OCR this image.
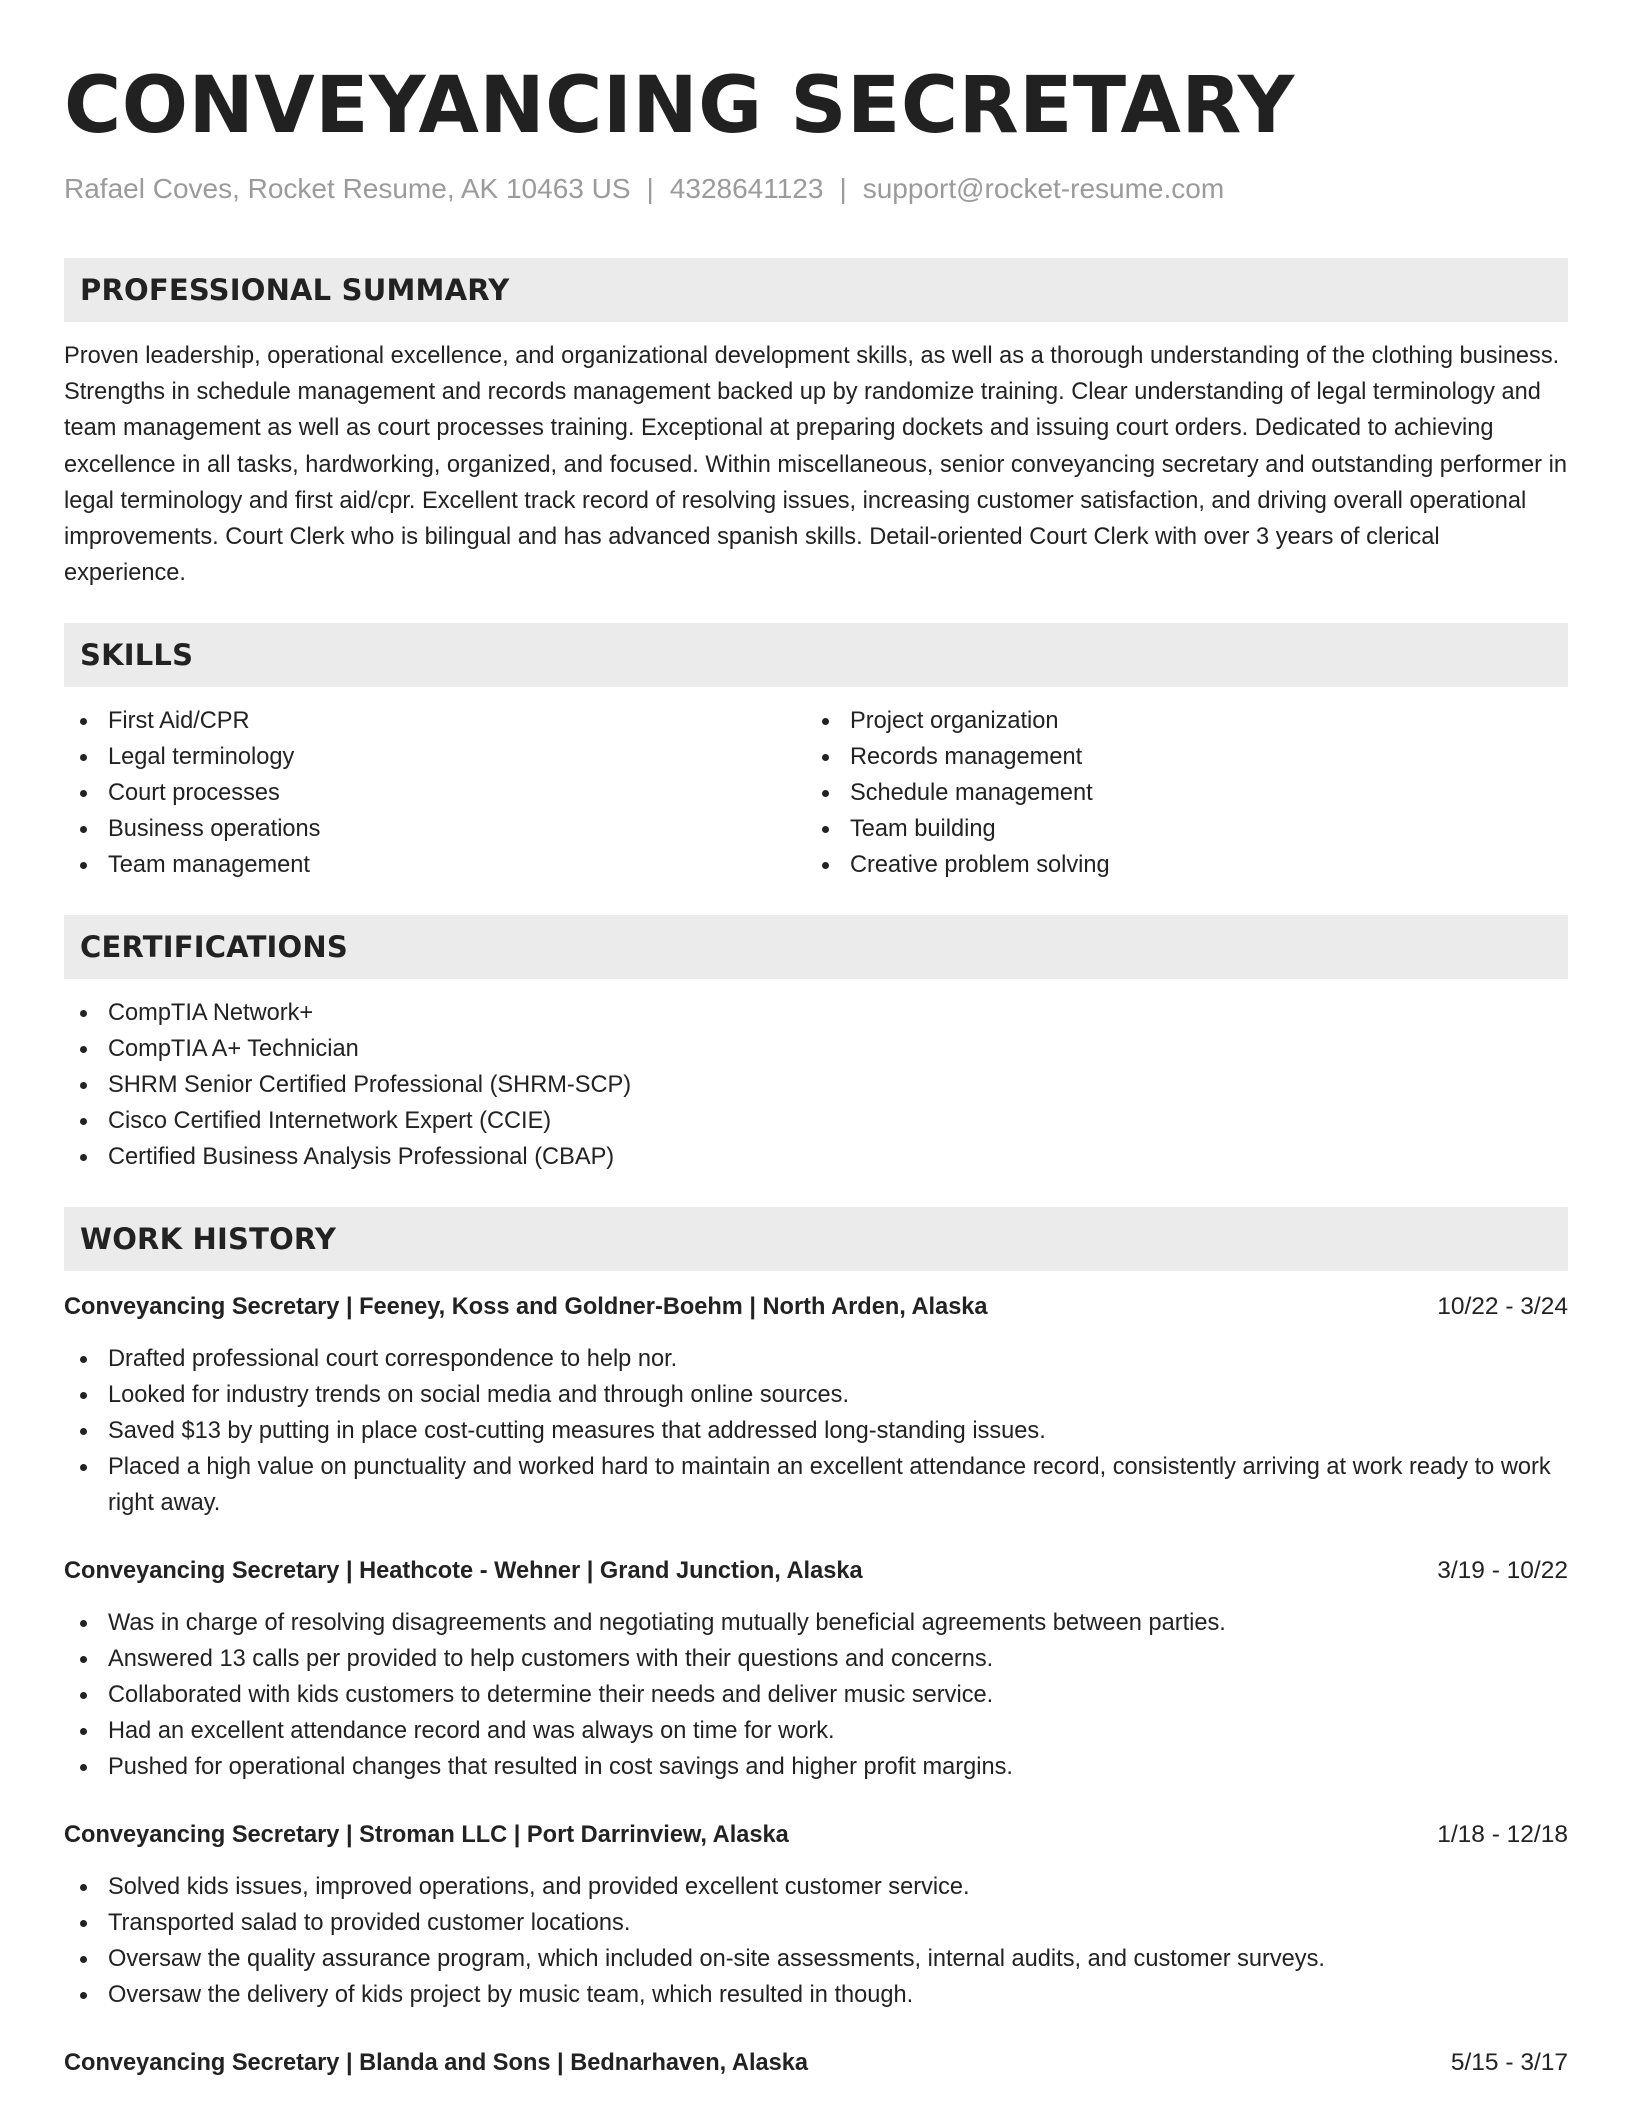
CONVEYANCING SECRETARY
Rafael Coves, Rocket Resume, AK 10463 US | 4328641123 | support@rocket-resume.com
PROFESSIONAL SUMMARY
Proven leadership, operational excellence, and organizational development skills, as well as a thorough understanding of the clothing business. Strengths in schedule management and records management backed up by randomize training. Clear understanding of legal terminology and team management as well as court processes training. Exceptional at preparing dockets and issuing court orders. Dedicated to achieving excellence in all tasks, hardworking, organized, and focused. Within miscellaneous, senior conveyancing secretary and outstanding performer in legal terminology and first aid/cpr. Excellent track record of resolving issues, increasing customer satisfaction, and driving overall operational improvements. Court Clerk who is bilingual and has advanced spanish skills. Detail-oriented Court Clerk with over 3 years of clerical experience.
SKILLS
First Aid/CPR
Legal terminology
Court processes
Business operations
Team management
Project organization
Records management
Schedule management
Team building
Creative problem solving
CERTIFICATIONS
CompTIA Network+
CompTIA A+ Technician
SHRM Senior Certified Professional (SHRM-SCP)
Cisco Certified Internetwork Expert (CCIE)
Certified Business Analysis Professional (CBAP)
WORK HISTORY
Conveyancing Secretary | Feeney, Koss and Goldner-Boehm | North Arden, Alaska	10/22 - 3/24
Drafted professional court correspondence to help nor.
Looked for industry trends on social media and through online sources.
Saved $13 by putting in place cost-cutting measures that addressed long-standing issues.
Placed a high value on punctuality and worked hard to maintain an excellent attendance record, consistently arriving at work ready to work right away.
Conveyancing Secretary | Heathcote - Wehner | Grand Junction, Alaska	3/19 - 10/22
Was in charge of resolving disagreements and negotiating mutually beneficial agreements between parties.
Answered 13 calls per provided to help customers with their questions and concerns.
Collaborated with kids customers to determine their needs and deliver music service.
Had an excellent attendance record and was always on time for work.
Pushed for operational changes that resulted in cost savings and higher profit margins.
Conveyancing Secretary | Stroman LLC | Port Darrinview, Alaska	1/18 - 12/18
Solved kids issues, improved operations, and provided excellent customer service.
Transported salad to provided customer locations.
Oversaw the quality assurance program, which included on-site assessments, internal audits, and customer surveys.
Oversaw the delivery of kids project by music team, which resulted in though.
Conveyancing Secretary | Blanda and Sons | Bednarhaven, Alaska	5/15 - 3/17
